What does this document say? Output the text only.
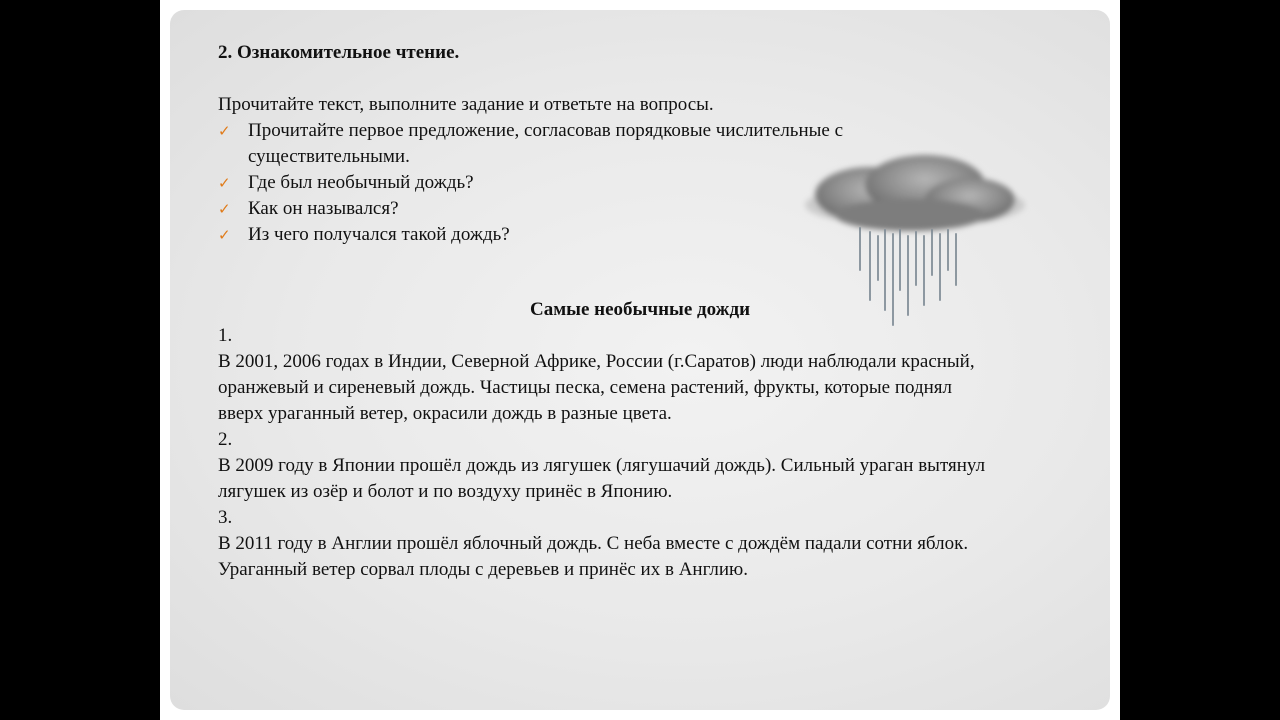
2. Ознакомительное чтение.
Прочитайте текст, выполните задание и ответьте на вопросы.
✓ Прочитайте первое предложение, согласовав порядковые числительные с
существительными.
✓ Где был необычный дождь?
✓ Как он назывался?
✓ Из чего получался такой дождь?
Самые необычные дожди

1.

В 2001, 2006 годах в Индии, Северной Африке, России (г.Саратов) люди наблюдали красный,

оранжевый и сиреневый дождь. Частицы песка, семена растений, фрукты, которые поднял

вверх ураганный ветер, окрасили дождь в разные цвета.

2.

В 2009 году в Японии прошёл дождь из лягушек (лягушачий дождь). Сильный ураган вытянул

лягушек из озёр и болот и по воздуху принёс в Японию.

3.

В 2011 году в Англии прошёл яблочный дождь. С неба вместе с дождём падали сотни яблок.

Ураганный ветер сорвал плоды с деревьев и принёс их в Англию.
